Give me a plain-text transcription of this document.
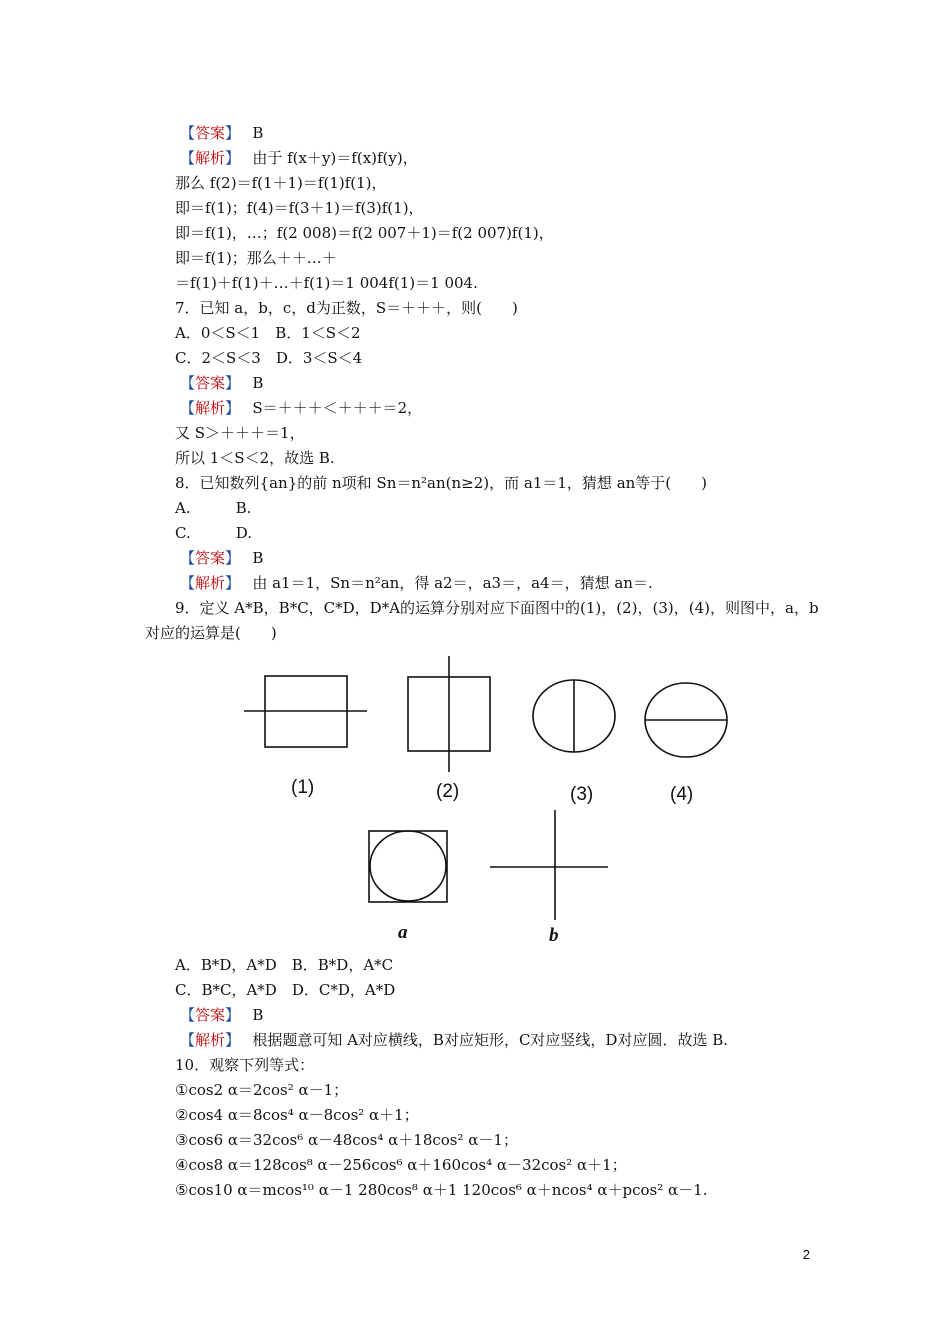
【答案】　 B
【解析】　 由于 f(x＋y)＝f(x)f(y)，
那么 f(2)＝f(1＋1)＝f(1)f(1)，
即＝f(1)；f(4)＝f(3＋1)＝f(3)f(1)，
即＝f(1)，…；f(2 008)＝f(2 007＋1)＝f(2 007)f(1)，
即＝f(1)；那么＋＋…＋
＝f(1)＋f(1)＋…＋f(1)＝1 004f(1)＝1 004.
7．已知 a，b，c，d为正数，S＝＋＋＋，则(　　)
A．0＜S＜1　B．1＜S＜2
C．2＜S＜3　D．3＜S＜4
【答案】　 B
【解析】　 S＝＋＋＋＜＋＋＋＝2，
又 S＞＋＋＋＝1，
所以 1＜S＜2，故选 B.
8．已知数列{an}的前 n项和 Sn＝n²an(n≥2)，而 a1＝1，猜想 an等于(　　)
A.　　　B.
C.　　　D.
【答案】　 B
【解析】　 由 a1＝1，Sn＝n²an，得 a2＝，a3＝，a4＝，猜想 an＝.
9．定义 A*B，B*C，C*D，D*A的运算分别对应下面图中的(1)，(2)，(3)，(4)，则图中，a，b
对应的运算是(　　)
A．B*D，A*D　B．B*D，A*C
C．B*C，A*D　D．C*D，A*D
【答案】　 B
【解析】　 根据题意可知 A对应横线，B对应矩形，C对应竖线，D对应圆．故选 B.
10．观察下列等式：
①cos2 α＝2cos² α－1；
②cos4 α＝8cos⁴ α－8cos² α＋1；
③cos6 α＝32cos⁶ α－48cos⁴ α＋18cos² α－1；
④cos8 α＝128cos⁸ α－256cos⁶ α＋160cos⁴ α－32cos² α＋1；
⑤cos10 α＝mcos¹⁰ α－1 280cos⁸ α＋1 120cos⁶ α＋ncos⁴ α＋pcos² α－1.
(1)	(2)	(3)	(4)
a	b
2
